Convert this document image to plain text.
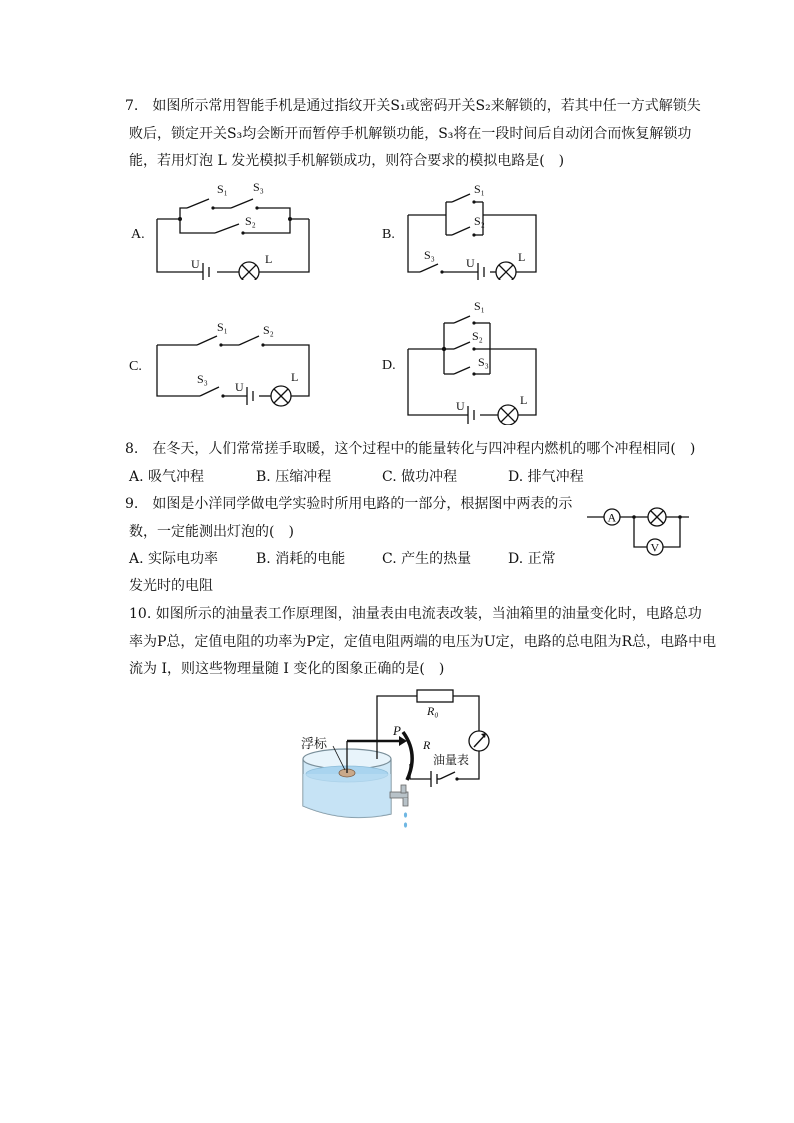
7.　如图所示常用智能手机是通过指纹开关S₁或密码开关S₂来解锁的，若其中任一方式解锁失
败后，锁定开关S₃均会断开而暂停手机解锁功能，S₃将在一段时间后自动闭合而恢复解锁功
能，若用灯泡 L 发光模拟手机解锁成功，则符合要求的模拟电路是(　)
A.
S₁ S₃
S₂
U	L
B.
S₁
S₂
S₃
U	L
C.
S₁	S₂
S₃
U
L
D.
S₁
S₂
S₃
U	L
8.　在冬天，人们常常搓手取暖，这个过程中的能量转化与四冲程内燃机的哪个冲程相同(　)
A. 吸气冲程	B. 压缩冲程	C. 做功冲程	D. 排气冲程
9.　如图是小洋同学做电学实验时所用电路的一部分，根据图中两表的示
数，一定能测出灯泡的(　)
A. 实际电功率	B. 消耗的电能	C. 产生的热量	D. 正常
发光时的电阻
A
V
10. 如图所示的油量表工作原理图，油量表由电流表改装，当油箱里的油量变化时，电路总功
率为P总，定值电阻的功率为P定，定值电阻两端的电压为U定，电路的总电阻为R总，电路中电
流为 I，则这些物理量随 I 变化的图象正确的是(　)
浮标
P
R
R₀
油量表
